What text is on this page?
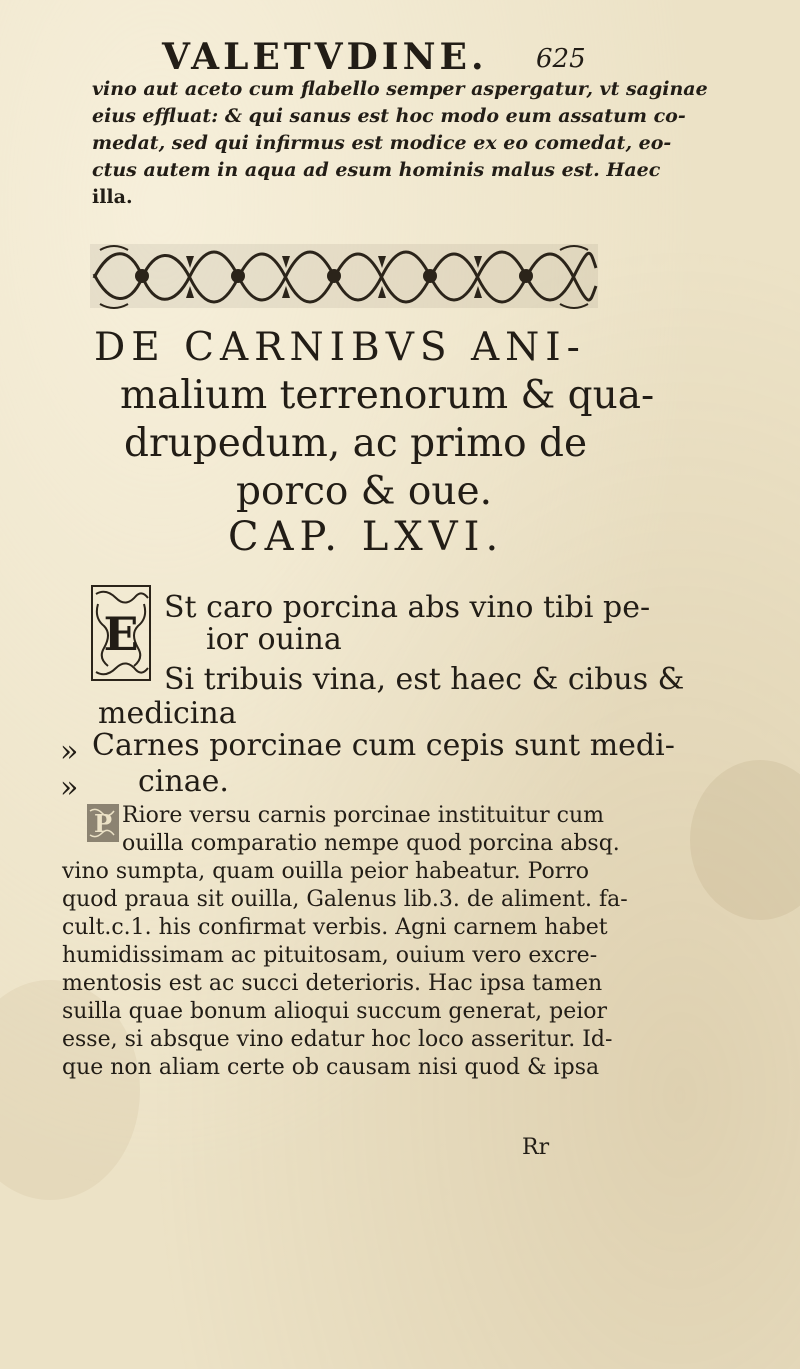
VALETVDINE. 625
vino aut aceto cum flabello semper aspergatur, vt saginae
eius effluat: & qui sanus est hoc modo eum assatum co-
medat, sed qui infirmus est modice ex eo comedat, eo-
ctus autem in aqua ad esum hominis malus est. Haec
illa.
DE CARNIBVS ANI-
malium terrenorum & qua-
drupedum, ac primo de
porco & oue.
CAP. LXVI.
E St caro porcina abs vino tibi pe-
ior ouina
Si tribuis vina, est haec & cibus &
medicina
» Carnes porcinae cum cepis sunt medi-
» cinae.
P Riore versu carnis porcinae instituitur cum
ouilla comparatio nempe quod porcina absq.
vino sumpta, quam ouilla peior habeatur. Porro
quod praua sit ouilla, Galenus lib.3. de aliment. fa-
cult.c.1. his confirmat verbis. Agni carnem habet
humidissimam ac pituitosam, ouium vero excre-
mentosis est ac succi deterioris. Hac ipsa tamen
suilla quae bonum alioqui succum generat, peior
esse, si absque vino edatur hoc loco asseritur. Id-
que non aliam certe ob causam nisi quod & ipsa
Rr
